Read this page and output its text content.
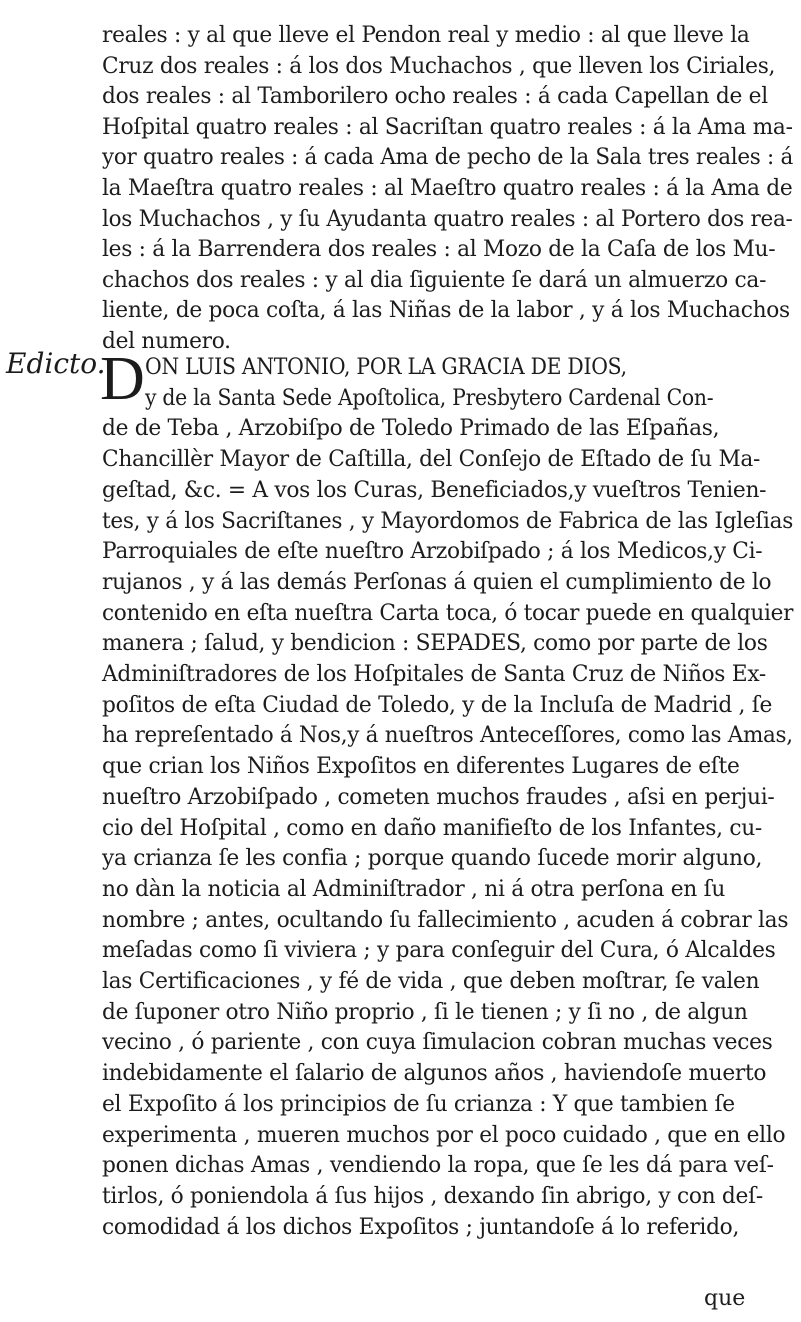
Edicto.
reales : y al que lleve el Pendon real y medio : al que lleve la
Cruz dos reales : á los dos Muchachos , que lleven los Ciriales,
dos reales : al Tamborilero ocho reales : á cada Capellan de el
Hoſpital quatro reales : al Sacriſtan quatro reales : á la Ama ma-
yor quatro reales : á cada Ama de pecho de la Sala tres reales : á
la Maeſtra quatro reales : al Maeſtro quatro reales : á la Ama de
los Muchachos , y ſu Ayudanta quatro reales : al Portero dos rea-
les : á la Barrendera dos reales : al Mozo de la Caſa de los Mu-
chachos dos reales : y al dia ſiguiente ſe dará un almuerzo ca-
liente, de poca coſta, á las Niñas de la labor , y á los Muchachos
del numero.
D ON LUIS ANTONIO, POR LA GRACIA DE DIOS,
y de la Santa Sede Apoſtolica, Presbytero Cardenal Con-
de de Teba , Arzobiſpo de Toledo Primado de las Eſpañas,
Chancillèr Mayor de Caſtilla, del Conſejo de Eſtado de ſu Ma-
geſtad, &c. = A vos los Curas, Beneficiados,y vueſtros Tenien-
tes, y á los Sacriſtanes , y Mayordomos de Fabrica de las Igleſias
Parroquiales de eſte nueſtro Arzobiſpado ; á los Medicos,y Ci-
rujanos , y á las demás Perſonas á quien el cumplimiento de lo
contenido en eſta nueſtra Carta toca, ó tocar puede en qualquier
manera ; ſalud, y bendicion : SEPADES, como por parte de los
Adminiſtradores de los Hoſpitales de Santa Cruz de Niños Ex-
poſitos de eſta Ciudad de Toledo, y de la Incluſa de Madrid , ſe
ha repreſentado á Nos,y á nueſtros Anteceſſores, como las Amas,
que crian los Niños Expoſitos en diferentes Lugares de eſte
nueſtro Arzobiſpado , cometen muchos fraudes , aſsi en perjui-
cio del Hoſpital , como en daño manifieſto de los Infantes, cu-
ya crianza ſe les confia ; porque quando ſucede morir alguno,
no dàn la noticia al Adminiſtrador , ni á otra perſona en ſu
nombre ; antes, ocultando ſu fallecimiento , acuden á cobrar las
meſadas como ſi viviera ; y para conſeguir del Cura, ó Alcaldes
las Certificaciones , y fé de vida , que deben moſtrar, ſe valen
de ſuponer otro Niño proprio , ſi le tienen ; y ſi no , de algun
vecino , ó pariente , con cuya ſimulacion cobran muchas veces
indebidamente el ſalario de algunos años , haviendoſe muerto
el Expoſito á los principios de ſu crianza : Y que tambien ſe
experimenta , mueren muchos por el poco cuidado , que en ello
ponen dichas Amas , vendiendo la ropa, que ſe les dá para veſ-
tirlos, ó poniendola á ſus hijos , dexando ſin abrigo, y con deſ-
comodidad á los dichos Expoſitos ; juntandoſe á lo referido,
que
